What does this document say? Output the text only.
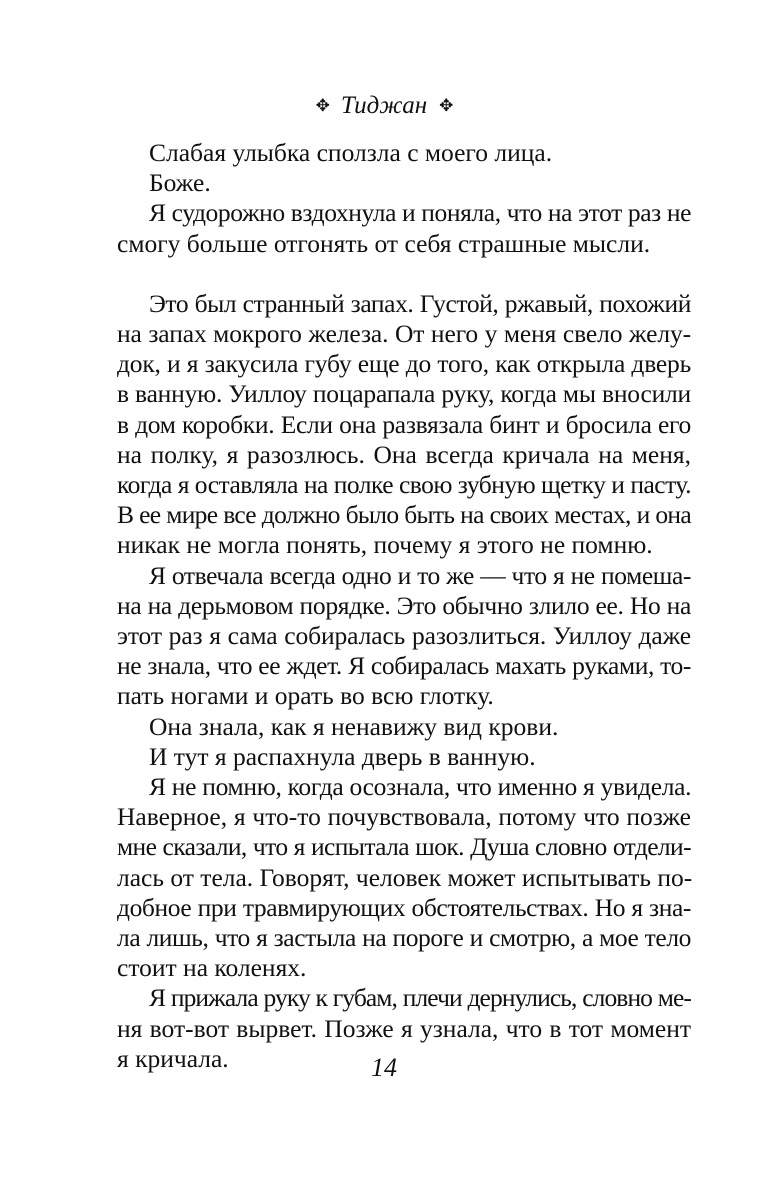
✥ Тиджан ✥
Слабая улыбка сползла с моего лица.
Боже.
Я судорожно вздохнула и поняла, что на этот раз не
смогу больше отгонять от себя страшные мысли.
Это был странный запах. Густой, ржавый, похожий
на запах мокрого железа. От него у меня свело желу-
док, и я закусила губу еще до того, как открыла дверь
в ванную. Уиллоу поцарапала руку, когда мы вносили
в дом коробки. Если она развязала бинт и бросила его
на полку, я разозлюсь. Она всегда кричала на меня,
когда я оставляла на полке свою зубную щетку и пасту.
В ее мире все должно было быть на своих местах, и она
никак не могла понять, почему я этого не помню.
Я отвечала всегда одно и то же — что я не помеша-
на на дерьмовом порядке. Это обычно злило ее. Но на
этот раз я сама собиралась разозлиться. Уиллоу даже
не знала, что ее ждет. Я собиралась махать руками, то-
пать ногами и орать во всю глотку.
Она знала, как я ненавижу вид крови.
И тут я распахнула дверь в ванную.
Я не помню, когда осознала, что именно я увидела.
Наверное, я что-то почувствовала, потому что позже
мне сказали, что я испытала шок. Душа словно отдели-
лась от тела. Говорят, человек может испытывать по-
добное при травмирующих обстоятельствах. Но я зна-
ла лишь, что я застыла на пороге и смотрю, а мое тело
стоит на коленях.
Я прижала руку к губам, плечи дернулись, словно ме-
ня вот-вот вырвет. Позже я узнала, что в тот момент
я кричала.	14
